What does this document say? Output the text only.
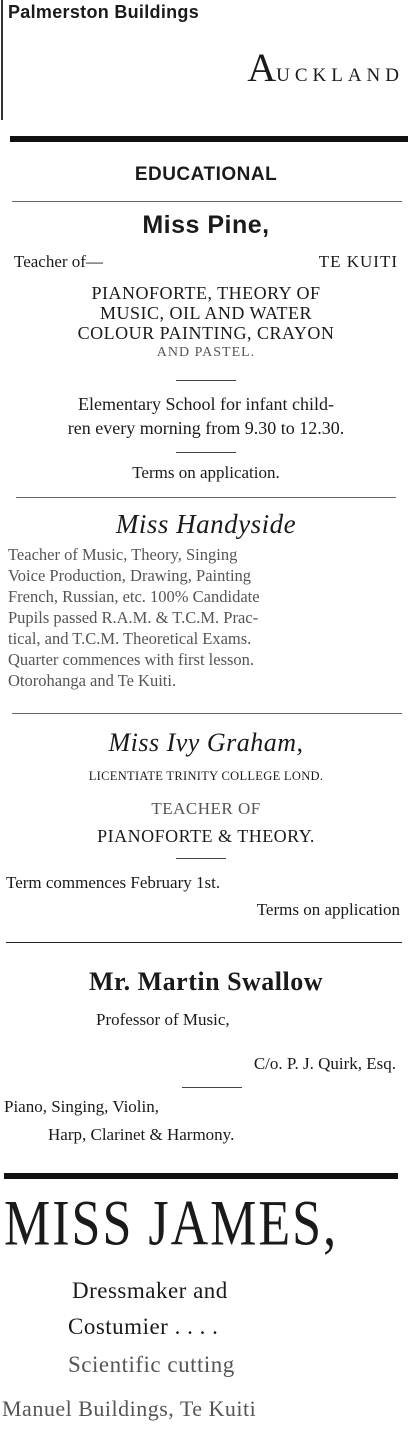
Palmerston Buildings
AUCKLAND
EDUCATIONAL
Miss Pine,
Teacher of—	TE KUITI
PIANOFORTE, THEORY OF
MUSIC, OIL AND WATER
COLOUR PAINTING, CRAYON
AND PASTEL.
Elementary School for infant child-
ren every morning from 9.30 to 12.30.
Terms on application.
Miss Handyside
Teacher of Music, Theory, Singing
Voice Production, Drawing, Painting
French, Russian, etc. 100% Candidate
Pupils passed R.A.M. & T.C.M. Prac-
tical, and T.C.M. Theoretical Exams.
Quarter commences with first lesson.
Otorohanga and Te Kuiti.
Miss Ivy Graham,
LICENTIATE TRINITY COLLEGE LOND.
TEACHER OF
PIANOFORTE & THEORY.
Term commences February 1st.
Terms on application
Mr. Martin Swallow
Professor of Music,
C/o. P. J. Quirk, Esq.
Piano, Singing, Violin,
Harp, Clarinet & Harmony.
MISS JAMES,
Dressmaker and
Costumier . . . .
Scientific cutting
Manuel Buildings, Te Kuiti
